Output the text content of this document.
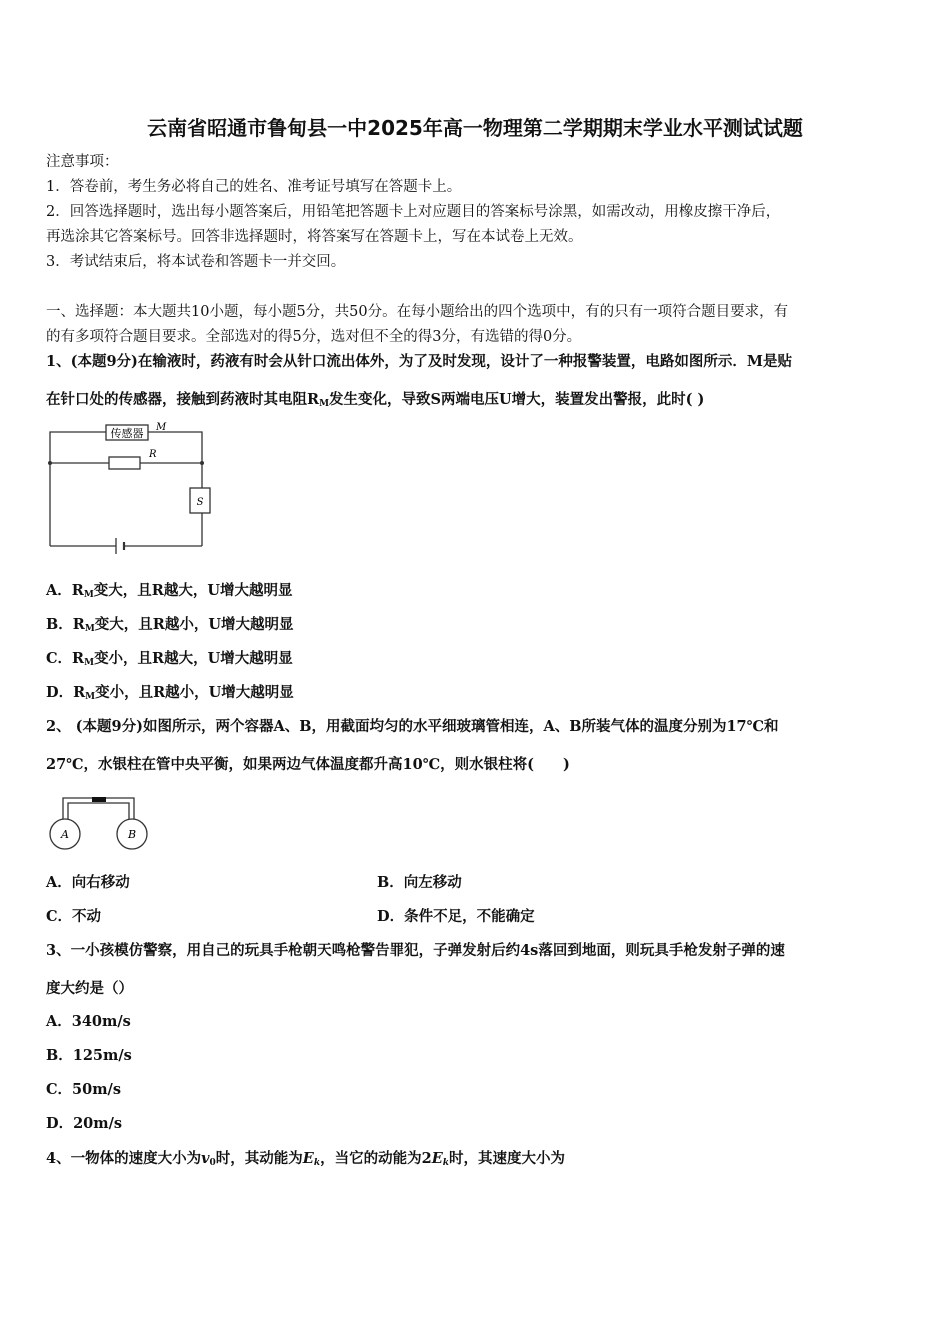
云南省昭通市鲁甸县一中2025年高一物理第二学期期末学业水平测试试题
注意事项：
1．答卷前，考生务必将自己的姓名、准考证号填写在答题卡上。
2．回答选择题时，选出每小题答案后，用铅笔把答题卡上对应题目的答案标号涂黑，如需改动，用橡皮擦干净后，
再选涂其它答案标号。回答非选择题时，将答案写在答题卡上，写在本试卷上无效。
3．考试结束后，将本试卷和答题卡一并交回。
一、选择题：本大题共10小题，每小题5分，共50分。在每小题给出的四个选项中，有的只有一项符合题目要求，有
的有多项符合题目要求。全部选对的得5分，选对但不全的得3分，有选错的得0分。
1、(本题9分)在输液时，药液有时会从针口流出体外，为了及时发现，设计了一种报警装置，电路如图所示．M是贴
在针口处的传感器，接触到药液时其电阻$R_M$发生变化，导致S两端电压U增大，装置发出警报，此时( )
传感器 M
R
S
A．$R_M$变大，且R越大，U增大越明显
B．$R_M$变大，且R越小，U增大越明显
C．$R_M$变小，且R越大，U增大越明显
D．$R_M$变小，且R越小，U增大越明显
2、 (本题9分)如图所示，两个容器A、B，用截面均匀的水平细玻璃管相连，A、B所装气体的温度分别为17℃和
27℃，水银柱在管中央平衡，如果两边气体温度都升高10℃，则水银柱将(　　)
A	B
A．向右移动	B．向左移动
C．不动	D．条件不足，不能确定
3、一小孩模仿警察，用自己的玩具手枪朝天鸣枪警告罪犯，子弹发射后约4s落回到地面，则玩具手枪发射子弹的速
度大约是（）
A．340m/s
B．125m/s
C．50m/s
D．20m/s
4、一物体的速度大小为$v_0$时，其动能为$E_k$，当它的动能为$2E_k$时，其速度大小为
